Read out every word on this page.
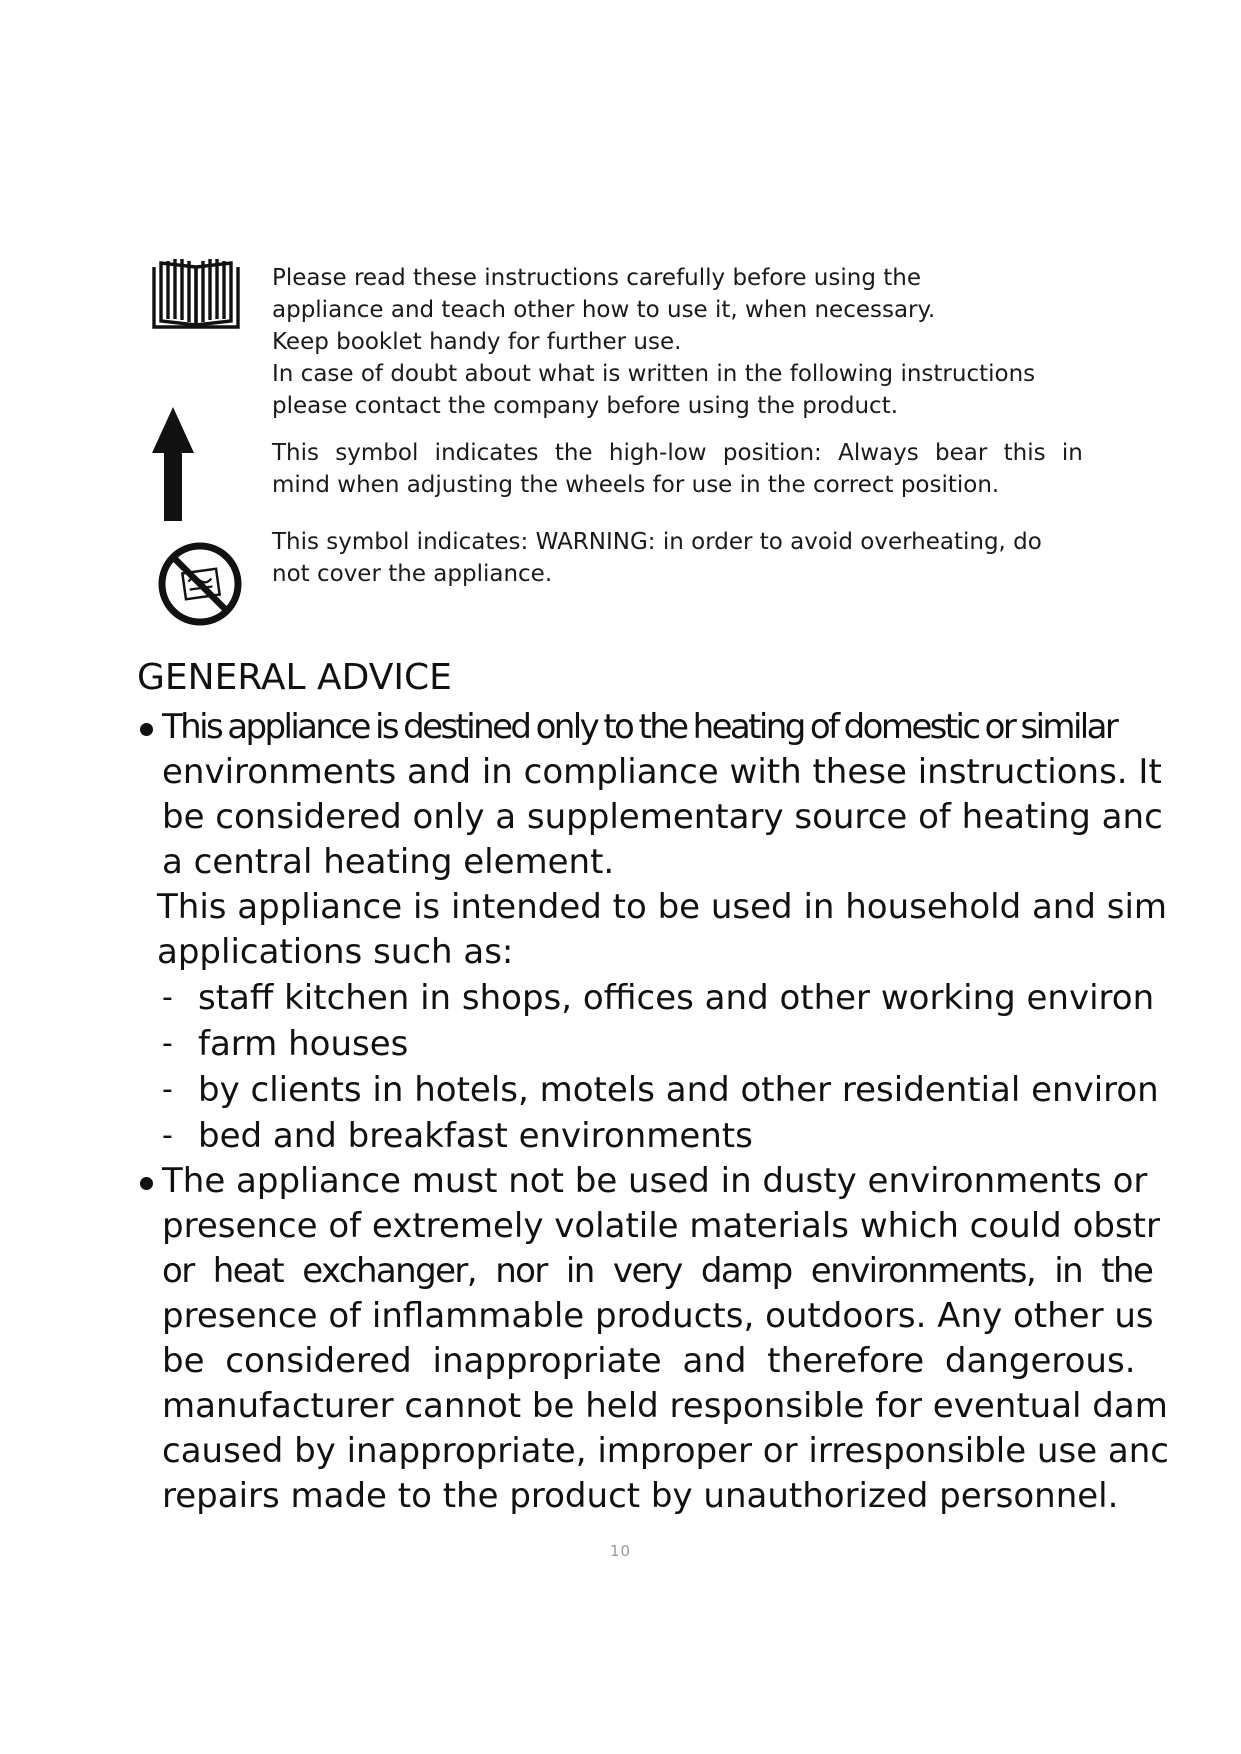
Please read these instructions carefully before using the
appliance and teach other how to use it, when necessary.
Keep booklet handy for further use.
In case of doubt about what is written in the following instructions
please contact the company before using the product.
This symbol indicates the high-low position: Always bear this in
mind when adjusting the wheels for use in the correct position.
This symbol indicates: WARNING: in order to avoid overheating, do
not cover the appliance.
GENERAL ADVICE
This appliance is destined only to the heating of domestic or similar
environments and in compliance with these instructions. It
be considered only a supplementary source of heating anc
a central heating element.
This appliance is intended to be used in household and sim
applications such as:
- staff kitchen in shops, offices and other working environ
- farm houses
- by clients in hotels, motels and other residential environ
- bed and breakfast environments
The appliance must not be used in dusty environments or
presence of extremely volatile materials which could obstr
or heat exchanger, nor in very damp environments, in the
presence of inflammable products, outdoors. Any other us
be considered inappropriate and therefore dangerous.
manufacturer cannot be held responsible for eventual dam
caused by inappropriate, improper or irresponsible use anc
repairs made to the product by unauthorized personnel.
10
